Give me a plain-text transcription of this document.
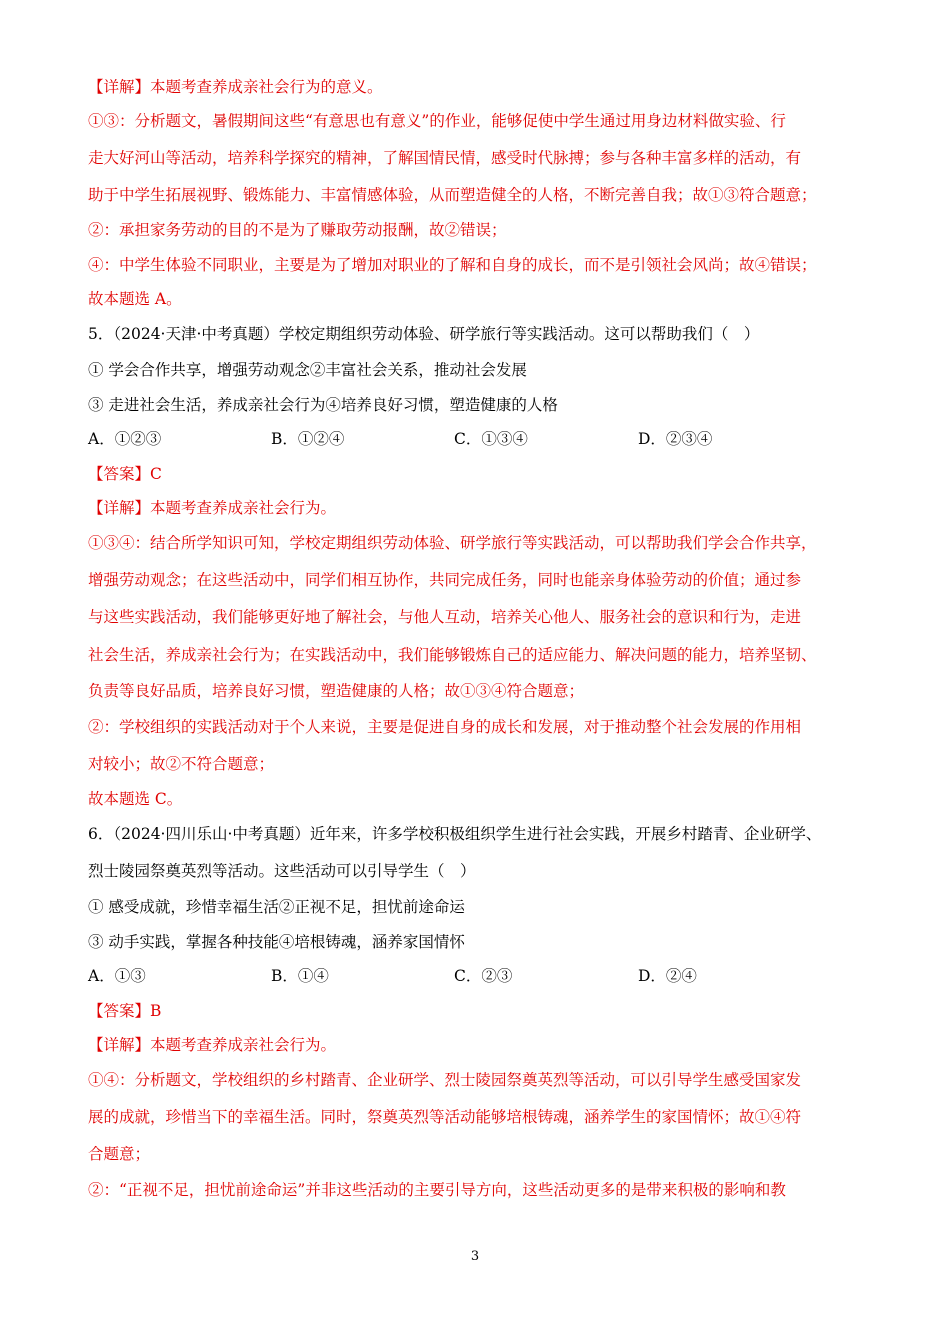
【详解】本题考查养成亲社会行为的意义。
①③：分析题文，暑假期间这些“有意思也有意义”的作业，能够促使中学生通过用身边材料做实验、行
走大好河山等活动，培养科学探究的精神，了解国情民情，感受时代脉搏；参与各种丰富多样的活动，有
助于中学生拓展视野、锻炼能力、丰富情感体验，从而塑造健全的人格，不断完善自我；故①③符合题意；
②：承担家务劳动的目的不是为了赚取劳动报酬，故②错误；
④：中学生体验不同职业，主要是为了增加对职业的了解和自身的成长，而不是引领社会风尚；故④错误；
故本题选 A。
5．（2024·天津·中考真题）学校定期组织劳动体验、研学旅行等实践活动。这可以帮助我们（　）
① 学会合作共享，增强劳动观念②丰富社会关系，推动社会发展
③ 走进社会生活，养成亲社会行为④培养良好习惯，塑造健康的人格
A．①②③	B．①②④	C．①③④	D．②③④
【答案】C
【详解】本题考查养成亲社会行为。
①③④：结合所学知识可知，学校定期组织劳动体验、研学旅行等实践活动，可以帮助我们学会合作共享，
增强劳动观念；在这些活动中，同学们相互协作，共同完成任务，同时也能亲身体验劳动的价值；通过参
与这些实践活动，我们能够更好地了解社会，与他人互动，培养关心他人、服务社会的意识和行为，走进
社会生活，养成亲社会行为；在实践活动中，我们能够锻炼自己的适应能力、解决问题的能力，培养坚韧、
负责等良好品质，培养良好习惯，塑造健康的人格；故①③④符合题意；
②：学校组织的实践活动对于个人来说，主要是促进自身的成长和发展，对于推动整个社会发展的作用相
对较小；故②不符合题意；
故本题选 C。
6．（2024·四川乐山·中考真题）近年来，许多学校积极组织学生进行社会实践，开展乡村踏青、企业研学、
烈士陵园祭奠英烈等活动。这些活动可以引导学生（　）
① 感受成就，珍惜幸福生活②正视不足，担忧前途命运
③ 动手实践，掌握各种技能④培根铸魂，涵养家国情怀
A．①③	B．①④	C．②③	D．②④
【答案】B
【详解】本题考查养成亲社会行为。
①④：分析题文，学校组织的乡村踏青、企业研学、烈士陵园祭奠英烈等活动，可以引导学生感受国家发
展的成就，珍惜当下的幸福生活。同时，祭奠英烈等活动能够培根铸魂，涵养学生的家国情怀；故①④符
合题意；
②：“正视不足，担忧前途命运”并非这些活动的主要引导方向，这些活动更多的是带来积极的影响和教
3
